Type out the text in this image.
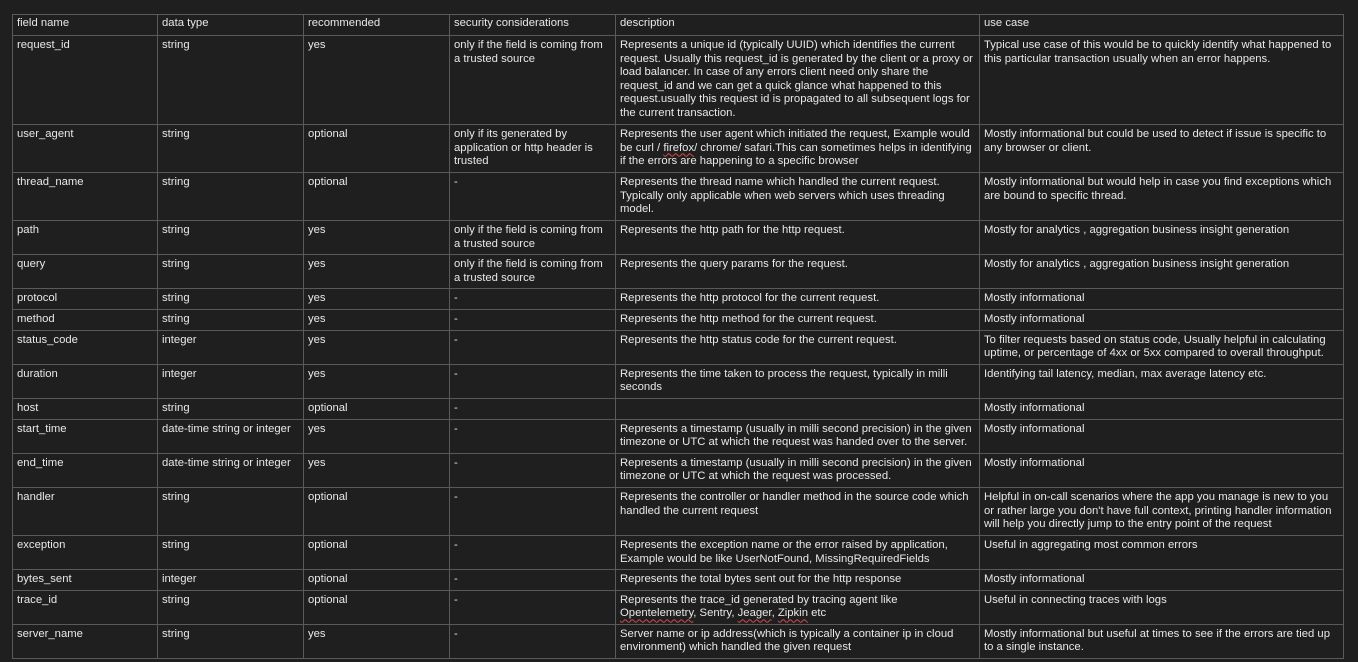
field name	data type	recommended	security considerations	description	use case
request_id	string	yes	only if the field is coming from a trusted source	Represents a unique id (typically UUID) which identifies the current request. Usually this request_id is generated by the client or a proxy or load balancer. In case of any errors client need only share the request_id and we can get a quick glance what happened to this request.usually this request id is propagated to all subsequent logs for the current transaction.	Typical use case of this would be to quickly identify what happened to this particular transaction usually when an error happens.
user_agent	string	optional	only if its generated by application or http header is trusted	Represents the user agent which initiated the request, Example would be curl / firefox/ chrome/ safari.This can sometimes helps in identifying if the errors are happening to a specific browser	Mostly informational but could be used to detect if issue is specific to any browser or client.
thread_name	string	optional	-	Represents the thread name which handled the current request. Typically only applicable when web servers which uses threading model.	Mostly informational but would help in case you find exceptions which are bound to specific thread.
path	string	yes	only if the field is coming from a trusted source	Represents the http path for the http request.	Mostly for analytics , aggregation business insight generation
query	string	yes	only if the field is coming from a trusted source	Represents the query params for the request.	Mostly for analytics , aggregation business insight generation
protocol	string	yes	-	Represents the http protocol for the current request.	Mostly informational
method	string	yes	-	Represents the http method for the current request.	Mostly informational
status_code	integer	yes	-	Represents the http status code for the current request.	To filter requests based on status code, Usually helpful in calculating uptime, or percentage of 4xx or 5xx compared to overall throughput.
duration	integer	yes	-	Represents the time taken to process the request, typically in milli seconds	Identifying tail latency, median, max average latency etc.
host	string	optional	-		Mostly informational
start_time	date-time string or integer	yes	-	Represents a timestamp (usually in milli second precision) in the given timezone or UTC at which the request was handed over to the server.	Mostly informational
end_time	date-time string or integer	yes	-	Represents a timestamp (usually in milli second precision) in the given timezone or UTC at which the request was processed.	Mostly informational
handler	string	optional	-	Represents the controller or handler method in the source code which handled the current request	Helpful in on-call scenarios where the app you manage is new to you or rather large you don't have full context, printing handler information will help you directly jump to the entry point of the request
exception	string	optional	-	Represents the exception name or the error raised by application, Example would be like UserNotFound, MissingRequiredFields	Useful in aggregating most common errors
bytes_sent	integer	optional	-	Represents the total bytes sent out for the http response	Mostly informational
trace_id	string	optional	-	Represents the trace_id generated by tracing agent like Opentelemetry, Sentry, Jeager, Zipkin etc	Useful in connecting traces with logs
server_name	string	yes	-	Server name or ip address(which is typically a container ip in cloud environment) which handled the given request	Mostly informational but useful at times to see if the errors are tied up to a single instance.
